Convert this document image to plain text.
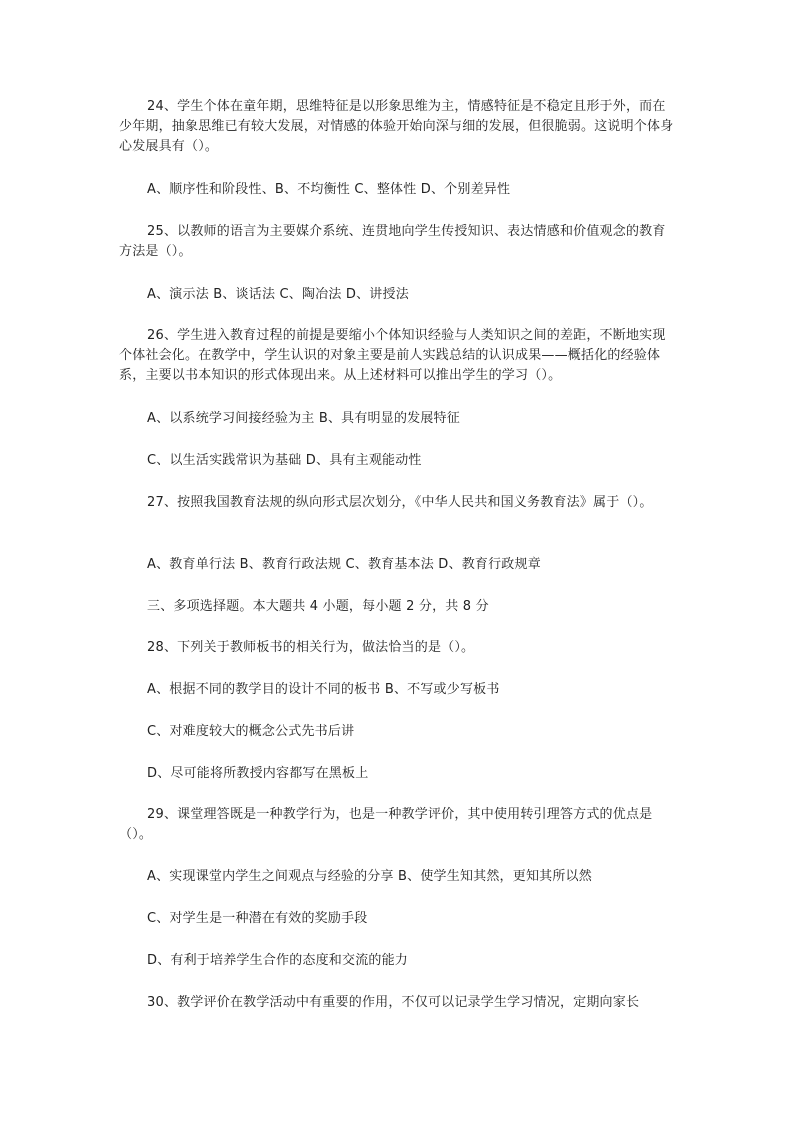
24、学生个体在童年期，思维特征是以形象思维为主，情感特征是不稳定且形于外，而在少年期，抽象思维已有较大发展，对情感的体验开始向深与细的发展，但很脆弱。这说明个体身心发展具有（）。

A、顺序性和阶段性、B、不均衡性 C、整体性 D、个别差异性

25、以教师的语言为主要媒介系统、连贯地向学生传授知识、表达情感和价值观念的教育方法是（）。

A、演示法 B、谈话法 C、陶冶法 D、讲授法

26、学生进入教育过程的前提是要缩小个体知识经验与人类知识之间的差距，不断地实现个体社会化。在教学中，学生认识的对象主要是前人实践总结的认识成果——概括化的经验体系，主要以书本知识的形式体现出来。从上述材料可以推出学生的学习（）。

A、以系统学习间接经验为主 B、具有明显的发展特征

C、以生活实践常识为基础 D、具有主观能动性

27、按照我国教育法规的纵向形式层次划分，《中华人民共和国义务教育法》属于（）。

A、教育单行法 B、教育行政法规 C、教育基本法 D、教育行政规章

三、多项选择题。本大题共 4 小题，每小题 2 分，共 8 分

28、下列关于教师板书的相关行为，做法恰当的是（）。

A、根据不同的教学目的设计不同的板书 B、不写或少写板书

C、对难度较大的概念公式先书后讲

D、尽可能将所教授内容都写在黑板上

29、课堂理答既是一种教学行为，也是一种教学评价，其中使用转引理答方式的优点是（）。

A、实现课堂内学生之间观点与经验的分享 B、使学生知其然，更知其所以然

C、对学生是一种潜在有效的奖励手段

D、有利于培养学生合作的态度和交流的能力

30、教学评价在教学活动中有重要的作用，不仅可以记录学生学习情况，定期向家长
